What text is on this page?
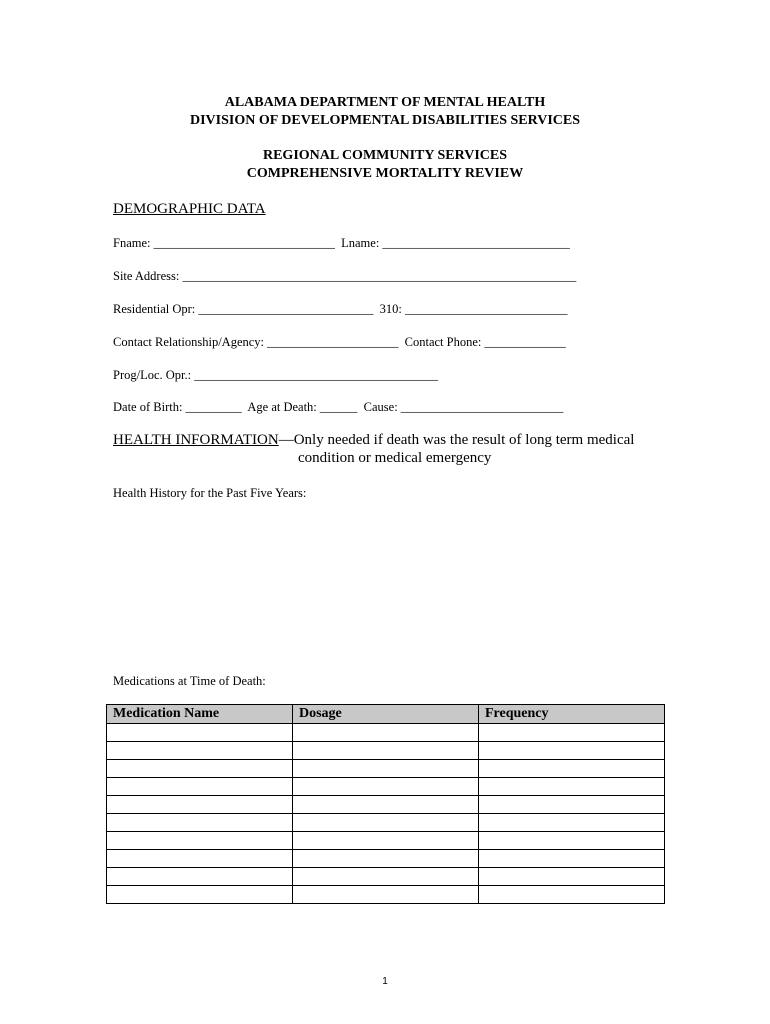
ALABAMA DEPARTMENT OF MENTAL HEALTH
DIVISION OF DEVELOPMENTAL DISABILITIES SERVICES
REGIONAL COMMUNITY SERVICES
COMPREHENSIVE MORTALITY REVIEW
DEMOGRAPHIC DATA
Fname: _____________________________  Lname: ______________________________
Site Address: _______________________________________________________________
Residential Opr: ____________________________  310: __________________________
Contact Relationship/Agency: _____________________  Contact Phone: _____________
Prog/Loc. Opr.: _______________________________________
Date of Birth: _________  Age at Death: ______  Cause: __________________________
HEALTH INFORMATION—Only needed if death was the result of long term medical
condition or medical emergency
Health History for the Past Five Years:
Medications at Time of Death:
Medication Name	Dosage	Frequency

1
